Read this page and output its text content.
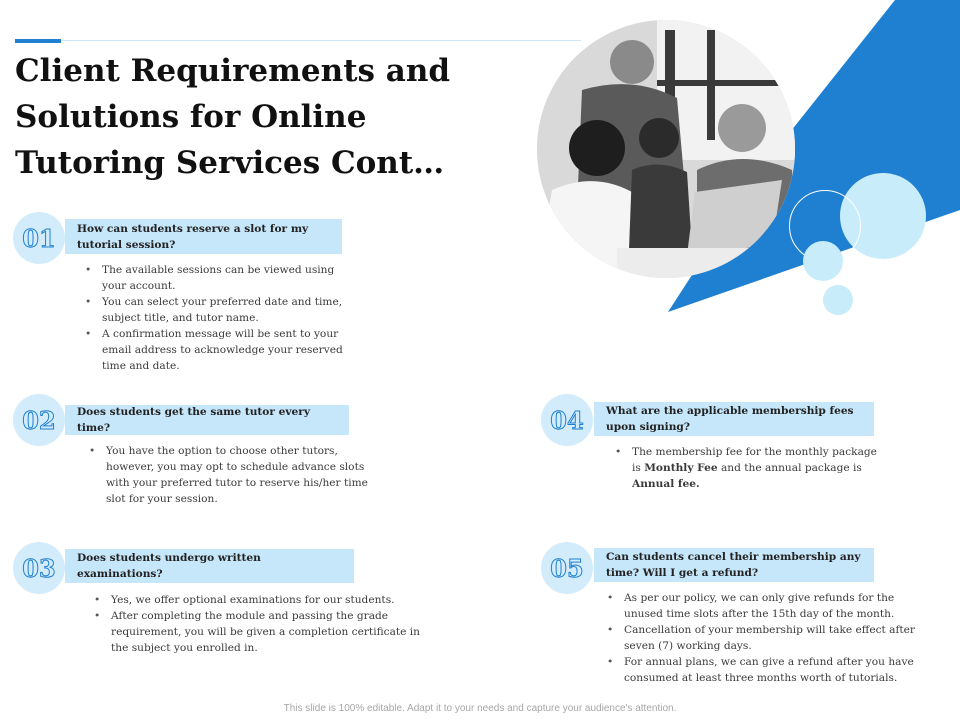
Client Requirements and Solutions for Online Tutoring Services Cont…
01 How can students reserve a slot for my tutorial session?
• The available sessions can be viewed using your account.
• You can select your preferred date and time, subject title, and tutor name.
• A confirmation message will be sent to your email address to acknowledge your reserved time and date.
02 Does students get the same tutor every time?
• You have the option to choose other tutors, however, you may opt to schedule advance slots with your preferred tutor to reserve his/her time slot for your session.
03 Does students undergo written examinations?
• Yes, we offer optional examinations for our students.
• After completing the module and passing the grade requirement, you will be given a completion certificate in the subject you enrolled in.
04 What are the applicable membership fees upon signing?
• The membership fee for the monthly package is Monthly Fee and the annual package is Annual fee.
05 Can students cancel their membership any time? Will I get a refund?
• As per our policy, we can only give refunds for the unused time slots after the 15th day of the month.
• Cancellation of your membership will take effect after seven (7) working days.
• For annual plans, we can give a refund after you have consumed at least three months worth of tutorials.
This slide is 100% editable. Adapt it to your needs and capture your audience's attention.
